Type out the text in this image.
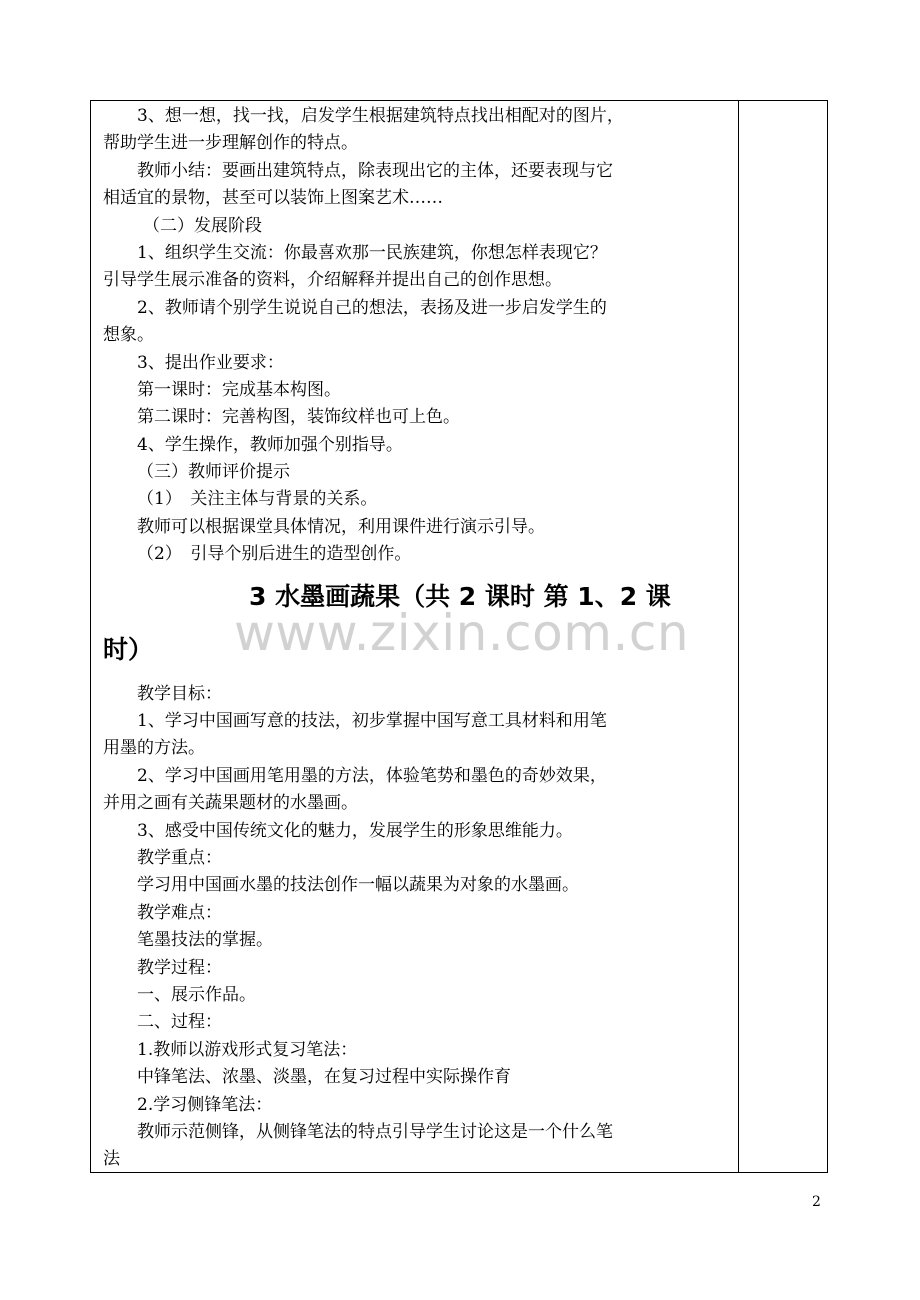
3、想一想，找一找，启发学生根据建筑特点找出相配对的图片，
帮助学生进一步理解创作的特点。
教师小结：要画出建筑特点，除表现出它的主体，还要表现与它
相适宜的景物，甚至可以装饰上图案艺术……
（二）发展阶段
1、组织学生交流：你最喜欢那一民族建筑，你想怎样表现它？
引导学生展示准备的资料，介绍解释并提出自己的创作思想。
2、教师请个别学生说说自己的想法，表扬及进一步启发学生的
想象。
3、提出作业要求：
第一课时：完成基本构图。
第二课时：完善构图，装饰纹样也可上色。
4、学生操作，教师加强个别指导。
（三）教师评价提示
（1）　关注主体与背景的关系。
教师可以根据课堂具体情况，利用课件进行演示引导。
（2）　引导个别后进生的造型创作。
3 水墨画蔬果（共 2 课时 第 1、2 课
时）
教学目标：
1、学习中国画写意的技法，初步掌握中国写意工具材料和用笔
用墨的方法。
2、学习中国画用笔用墨的方法，体验笔势和墨色的奇妙效果，
并用之画有关蔬果题材的水墨画。
3、感受中国传统文化的魅力，发展学生的形象思维能力。
教学重点：
学习用中国画水墨的技法创作一幅以蔬果为对象的水墨画。
教学难点：
笔墨技法的掌握。
教学过程：
一、展示作品。
二、过程：
1.教师以游戏形式复习笔法：
中锋笔法、浓墨、淡墨，在复习过程中实际操作育
2.学习侧锋笔法：
教师示范侧锋，从侧锋笔法的特点引导学生讨论这是一个什么笔
法
www.zixin.com.cn
2
